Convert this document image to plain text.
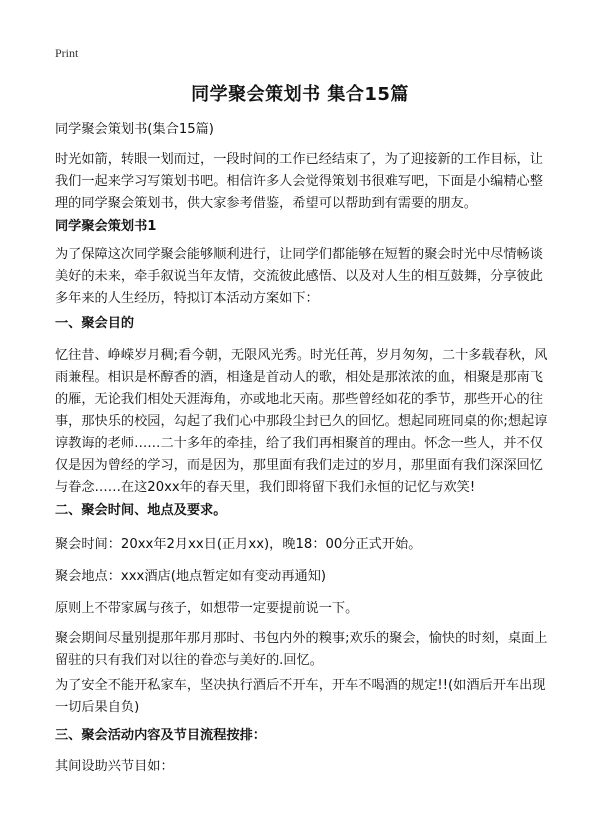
Print
同学聚会策划书 集合15篇

同学聚会策划书(集合15篇)

时光如箭，转眼一划而过，一段时间的工作已经结束了，为了迎接新的工作目标，让我们一起来学习写策划书吧。相信许多人会觉得策划书很难写吧，下面是小编精心整理的同学聚会策划书，供大家参考借鉴，希望可以帮助到有需要的朋友。

同学聚会策划书1

为了保障这次同学聚会能够顺利进行，让同学们都能够在短暂的聚会时光中尽情畅谈美好的未来，牵手叙说当年友情，交流彼此感悟、以及对人生的相互鼓舞，分享彼此多年来的人生经历，特拟订本活动方案如下：

一、聚会目的

忆往昔、峥嵘岁月稠;看今朝，无限风光秀。时光任苒，岁月匆匆，二十多载春秋，风雨兼程。相识是杯醇香的酒，相逢是首动人的歌，相处是那浓浓的血，相聚是那南飞的雁，无论我们相处天涯海角，亦或地北天南。那些曾经如花的季节，那些开心的往事，那快乐的校园，勾起了我们心中那段尘封已久的回忆。想起同班同桌的你;想起谆谆教诲的老师……二十多年的牵挂，给了我们再相聚首的理由。怀念一些人，并不仅仅是因为曾经的学习，而是因为，那里面有我们走过的岁月，那里面有我们深深回忆与眷念……在这20xx年的春天里，我们即将留下我们永恒的记忆与欢笑!

二、聚会时间、地点及要求。

聚会时间：20xx年2月xx日(正月xx)，晚18：00分正式开始。

聚会地点：xxx酒店(地点暂定如有变动再通知)

原则上不带家属与孩子，如想带一定要提前说一下。

聚会期间尽量别提那年那月那时、书包内外的糗事;欢乐的聚会，愉快的时刻，桌面上留驻的只有我们对以往的眷恋与美好的.回忆。

为了安全不能开私家车，坚决执行酒后不开车，开车不喝酒的规定!!(如酒后开车出现一切后果自负)

三、聚会活动内容及节目流程按排：

其间设助兴节目如：
